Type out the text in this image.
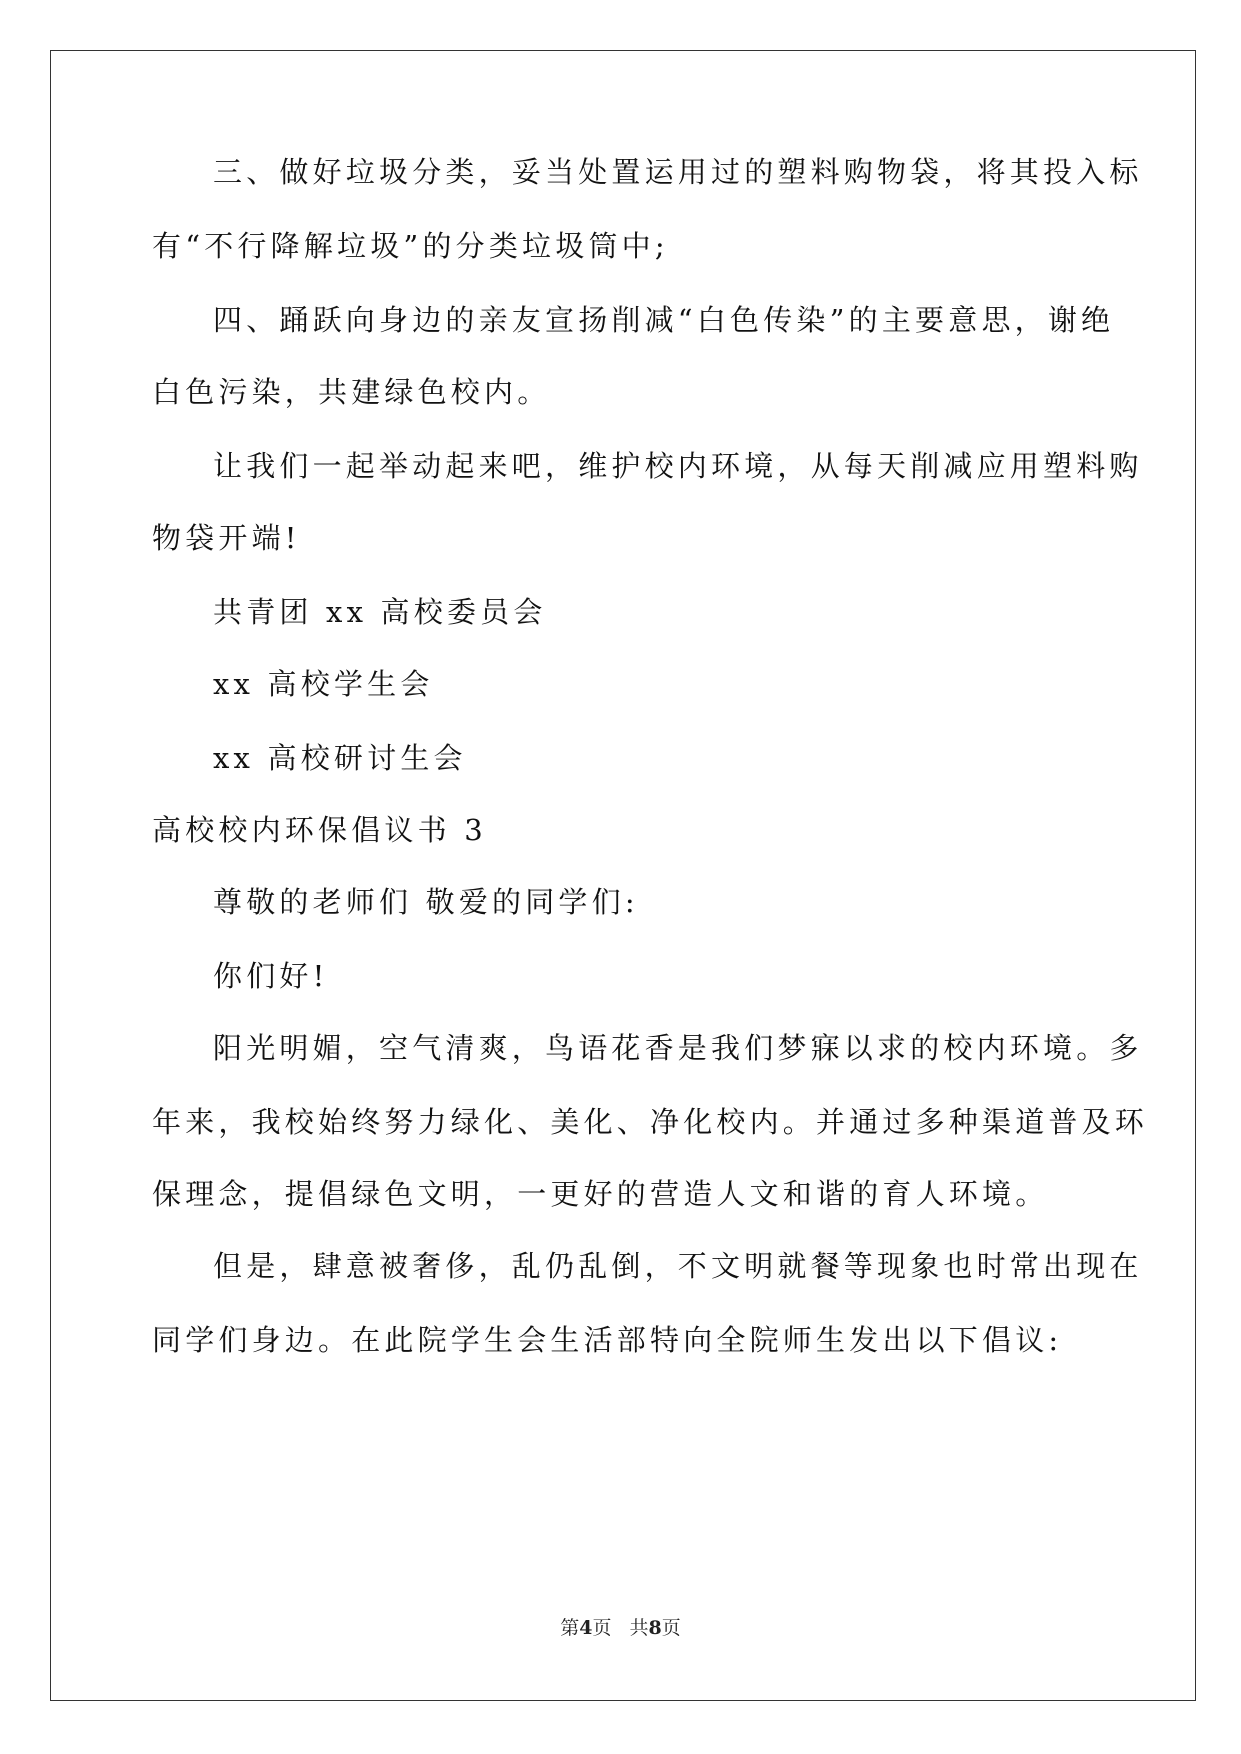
三、做好垃圾分类，妥当处置运用过的塑料购物袋，将其投入标
有“不行降解垃圾”的分类垃圾筒中;
四、踊跃向身边的亲友宣扬削减“白色传染”的主要意思，谢绝
白色污染，共建绿色校内。
让我们一起举动起来吧，维护校内环境，从每天削减应用塑料购
物袋开端!
共青团 xx 高校委员会
xx 高校学生会
xx 高校研讨生会
高校校内环保倡议书 3
尊敬的老师们 敬爱的同学们:
你们好!
阳光明媚，空气清爽，鸟语花香是我们梦寐以求的校内环境。多
年来，我校始终努力绿化、美化、净化校内。并通过多种渠道普及环
保理念，提倡绿色文明，一更好的营造人文和谐的育人环境。
但是，肆意被奢侈，乱仍乱倒，不文明就餐等现象也时常出现在
同学们身边。在此院学生会生活部特向全院师生发出以下倡议:
第4页 共8页
